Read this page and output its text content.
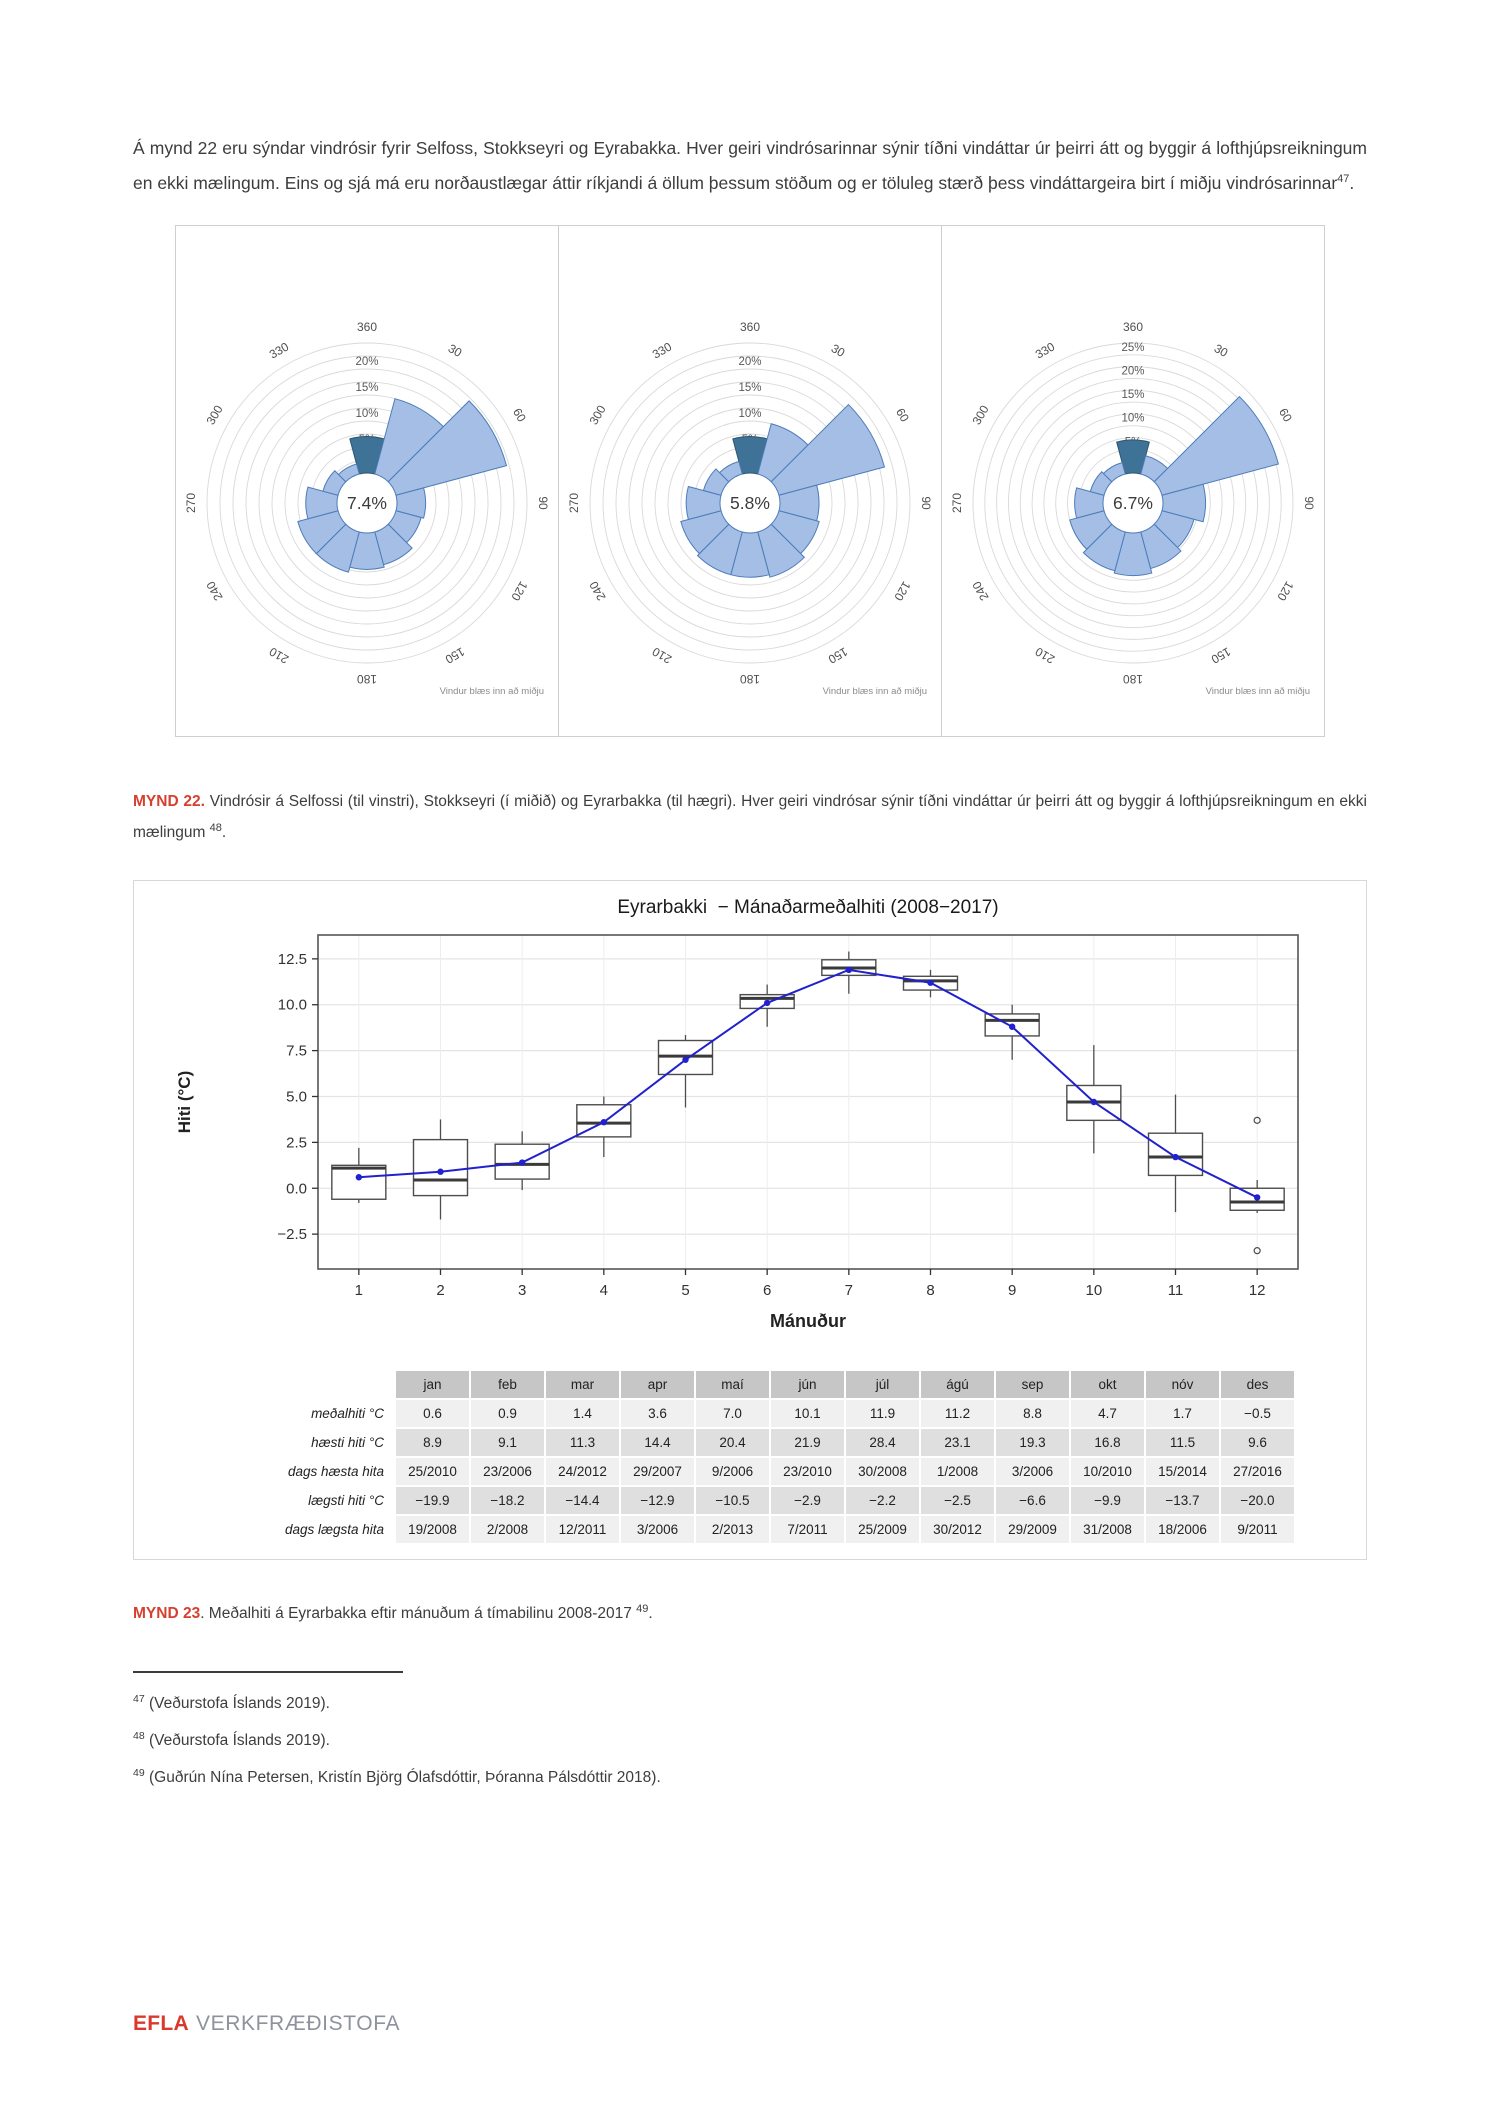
Á mynd 22 eru sýndar vindrósir fyrir Selfoss, Stokkseyri og Eyrabakka. Hver geiri vindrósarinnar sýnir tíðni vindáttar úr þeirri átt og byggir á lofthjúpsreikningum en ekki mælingum. Eins og sjá má eru norðaustlægar áttir ríkjandi á öllum þessum stöðum og er töluleg stærð þess vindáttargeira birt í miðju vindrósarinnar$^{47}$.

10%
15%
20%
7.4%
360
30
60
90
120
150
180
210
240
270
300
330
Vindur blæs inn að miðju
10%
15%
20%
5.8%
360
30
60
90
120
150
180
210
240
270
300
330
Vindur blæs inn að miðju
10%
15%
20%
25%
6.7%
360
30
60
90
120
150
180
210
240
270
300
330
Vindur blæs inn að miðju

MYND 22. Vindrósir á Selfossi (til vinstri), Stokkseyri (í miðið) og Eyrarbakka (til hægri). Hver geiri vindrósar sýnir tíðni vindáttar úr þeirri átt og byggir á lofthjúpsreikningum en ekki mælingum $^{48}$.

12.5
10.0
7.5
5.0
2.5
0.0
−2.5
1	2	3	4	5	6	7	8	9	10	11	12
Eyrarbakki  − Mánaðarmeðalhiti (2008−2017)
Hiti (°C)
Mánuður
	jan	feb	mar	apr	maí	jún	júl	ágú	sep	okt	nóv	des
meðalhiti °C	0.6	0.9	1.4	3.6	7.0	10.1	11.9	11.2	8.8	4.7	1.7	−0.5
hæsti hiti °C	8.9	9.1	11.3	14.4	20.4	21.9	28.4	23.1	19.3	16.8	11.5	9.6
dags hæsta hita	25/2010	23/2006	24/2012	29/2007	9/2006	23/2010	30/2008	1/2008	3/2006	10/2010	15/2014	27/2016
lægsti hiti °C	−19.9	−18.2	−14.4	−12.9	−10.5	−2.9	−2.2	−2.5	−6.6	−9.9	−13.7	−20.0
dags lægsta hita	19/2008	2/2008	12/2011	3/2006	2/2013	7/2011	25/2009	30/2012	29/2009	31/2008	18/2006	9/2011

MYND 23. Meðalhiti á Eyrarbakka eftir mánuðum á tímabilinu 2008-2017 $^{49}$.

$^{47}$ (Veðurstofa Íslands 2019).
$^{48}$ (Veðurstofa Íslands 2019).
$^{49}$ (Guðrún Nína Petersen, Kristín Björg Ólafsdóttir, Þóranna Pálsdóttir 2018).
EFLA VERKFRÆÐISTOFA
